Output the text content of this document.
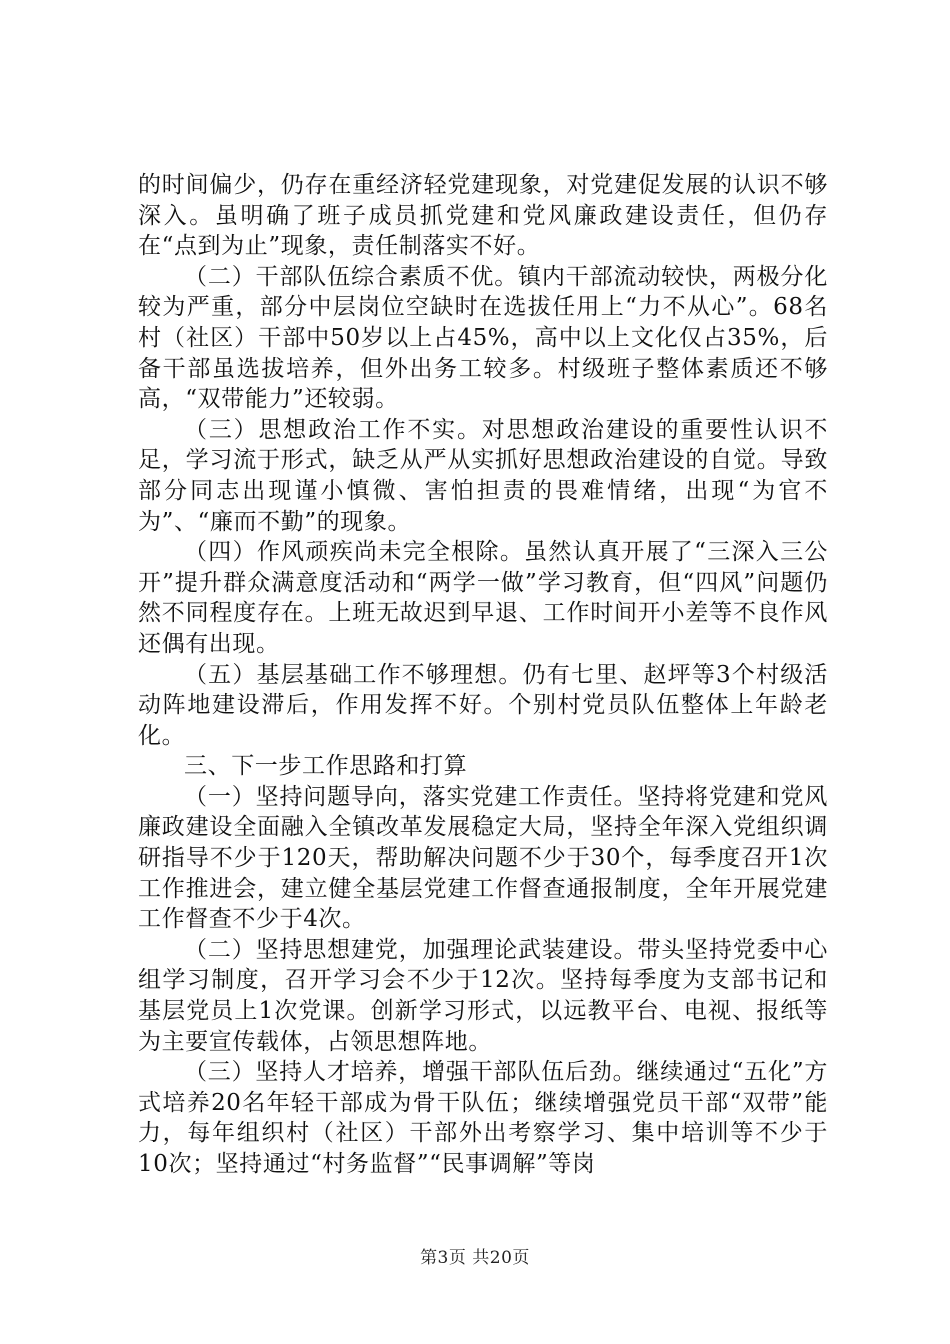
的时间偏少，仍存在重经济轻党建现象，对党建促发展的认识不够深入。虽明确了班子成员抓党建和党风廉政建设责任，但仍存在“点到为止”现象，责任制落实不好。

（二）干部队伍综合素质不优。镇内干部流动较快，两极分化较为严重，部分中层岗位空缺时在选拔任用上“力不从心”。68名村（社区）干部中50岁以上占45%，高中以上文化仅占35%，后备干部虽选拔培养，但外出务工较多。村级班子整体素质还不够高，“双带能力”还较弱。

（三）思想政治工作不实。对思想政治建设的重要性认识不足，学习流于形式，缺乏从严从实抓好思想政治建设的自觉。导致部分同志出现谨小慎微、害怕担责的畏难情绪，出现“为官不为”、“廉而不勤”的现象。

（四）作风顽疾尚未完全根除。虽然认真开展了“三深入三公开”提升群众满意度活动和“两学一做”学习教育，但“四风”问题仍然不同程度存在。上班无故迟到早退、工作时间开小差等不良作风还偶有出现。

（五）基层基础工作不够理想。仍有七里、赵坪等3个村级活动阵地建设滞后，作用发挥不好。个别村党员队伍整体上年龄老化。

三、下一步工作思路和打算

（一）坚持问题导向，落实党建工作责任。坚持将党建和党风廉政建设全面融入全镇改革发展稳定大局，坚持全年深入党组织调研指导不少于120天，帮助解决问题不少于30个，每季度召开1次工作推进会，建立健全基层党建工作督查通报制度，全年开展党建工作督查不少于4次。

（二）坚持思想建党，加强理论武装建设。带头坚持党委中心组学习制度，召开学习会不少于12次。坚持每季度为支部书记和基层党员上1次党课。创新学习形式，以远教平台、电视、报纸等为主要宣传载体，占领思想阵地。

（三）坚持人才培养，增强干部队伍后劲。继续通过“五化”方式培养20名年轻干部成为骨干队伍；继续增强党员干部“双带”能力，每年组织村（社区）干部外出考察学习、集中培训等不少于10次；坚持通过“村务监督”“民事调解”等岗

第3页 共20页
